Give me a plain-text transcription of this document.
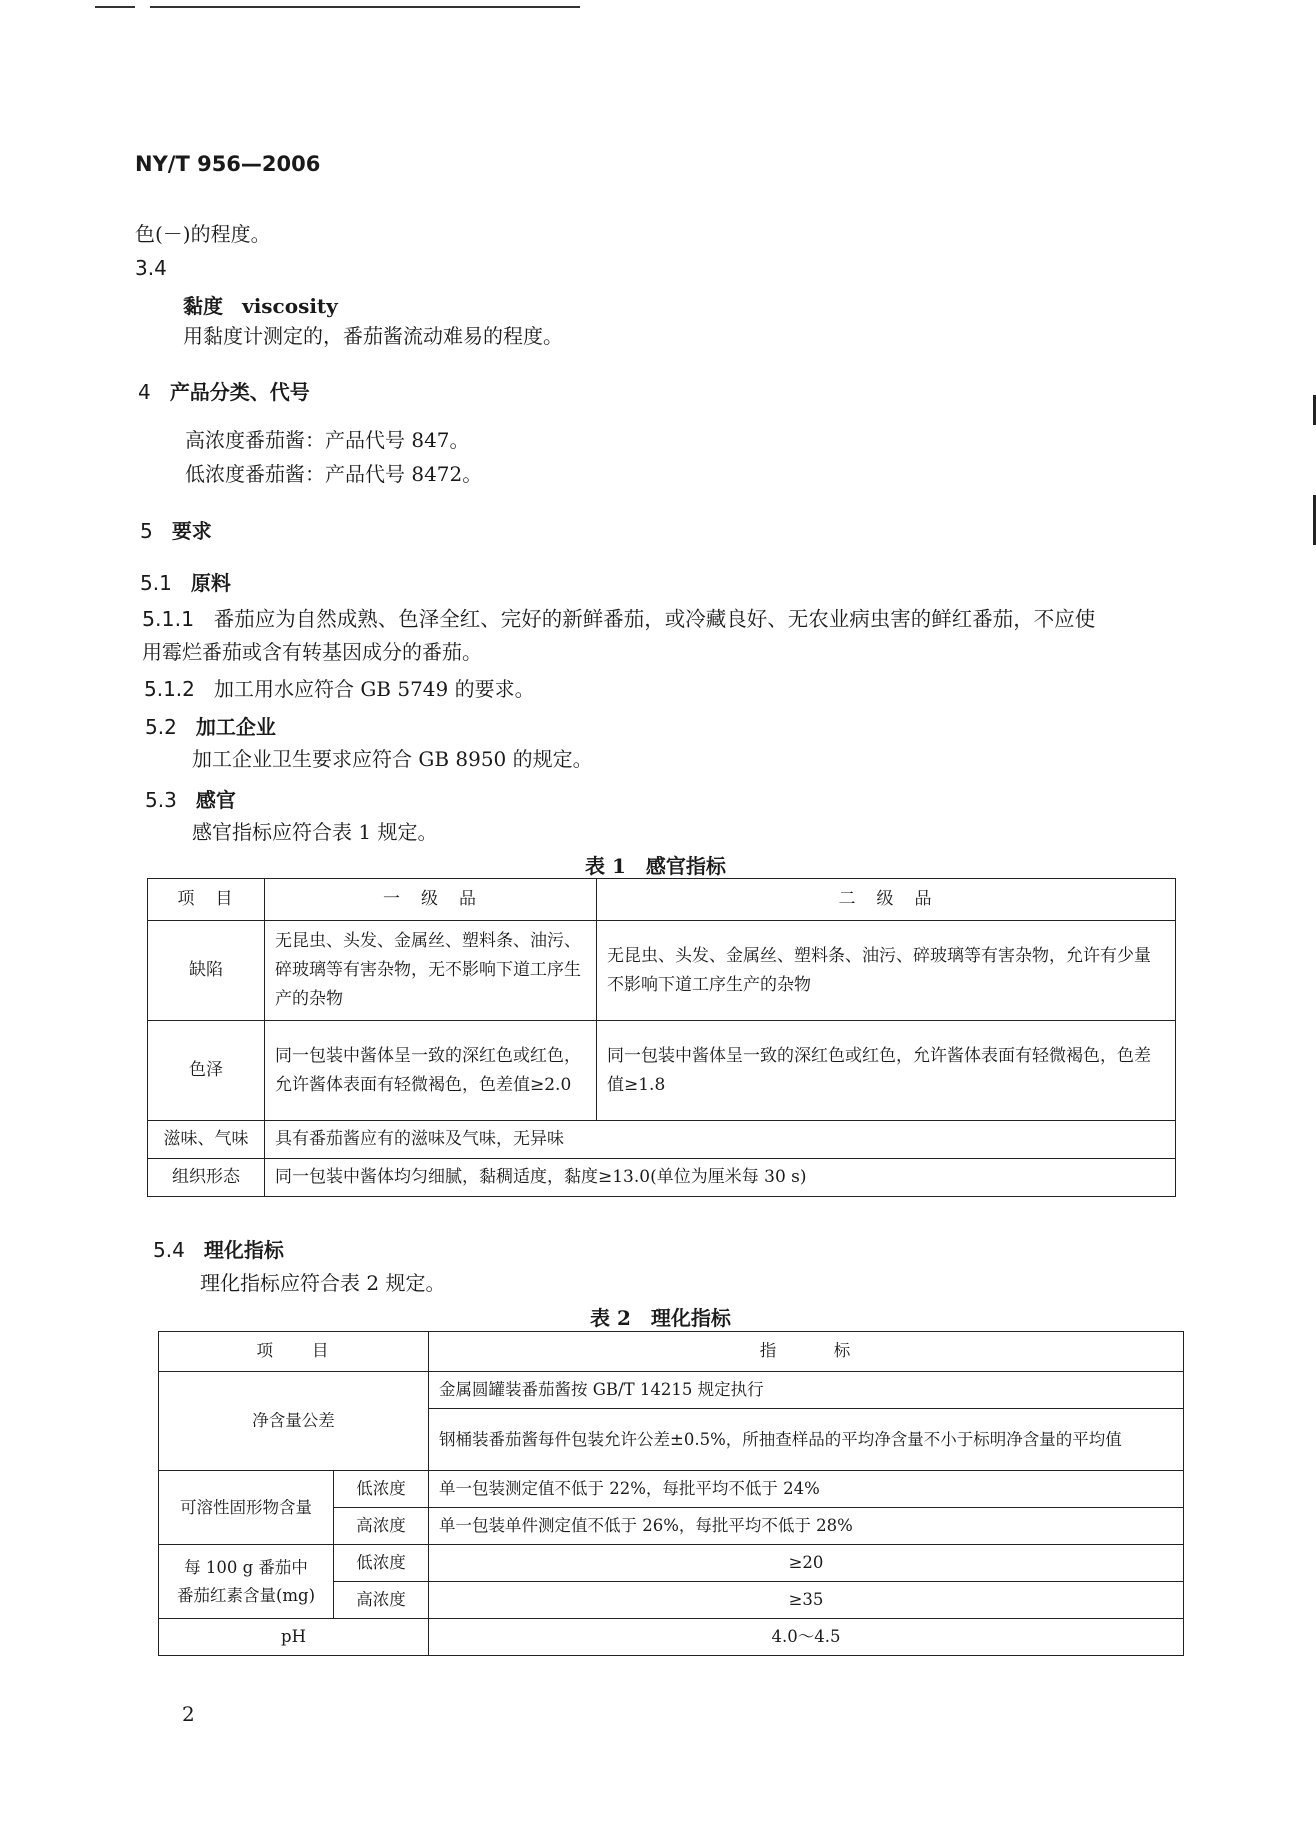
NY/T 956—2006
色(－)的程度。
3.4
黏度 viscosity
用黏度计测定的，番茄酱流动难易的程度。
4 产品分类、代号
高浓度番茄酱：产品代号 847。
低浓度番茄酱：产品代号 8472。
5 要求
5.1 原料
5.1.1 番茄应为自然成熟、色泽全红、完好的新鲜番茄，或冷藏良好、无农业病虫害的鲜红番茄，不应使
用霉烂番茄或含有转基因成分的番茄。
5.1.2 加工用水应符合 GB 5749 的要求。
5.2 加工企业
加工企业卫生要求应符合 GB 8950 的规定。
5.3 感官
感官指标应符合表 1 规定。
表 1　感官指标
项　目	一　级　品	二　级　品
缺陷	无昆虫、头发、金属丝、塑料条、油污、碎玻璃等有害杂物，无不影响下道工序生产的杂物	无昆虫、头发、金属丝、塑料条、油污、碎玻璃等有害杂物，允许有少量不影响下道工序生产的杂物
色泽	同一包装中酱体呈一致的深红色或红色，允许酱体表面有轻微褐色，色差值≥2.0	同一包装中酱体呈一致的深红色或红色，允许酱体表面有轻微褐色，色差值≥1.8
滋味、气味	具有番茄酱应有的滋味及气味，无异味	
组织形态	同一包装中酱体均匀细腻，黏稠适度，黏度≥13.0(单位为厘米每 30 s)	
5.4 理化指标
理化指标应符合表 2 规定。
表 2　理化指标
项　　目		指　　　标
净含量公差		金属圆罐装番茄酱按 GB/T 14215 规定执行
		钢桶装番茄酱每件包装允许公差±0.5%，所抽查样品的平均净含量不小于标明净含量的平均值
可溶性固形物含量	低浓度	单一包装测定值不低于 22%，每批平均不低于 24%
	高浓度	单一包装单件测定值不低于 26%，每批平均不低于 28%
每 100 g 番茄中
番茄红素含量(mg)	低浓度	≥20
	高浓度	≥35
pH		4.0～4.5
2
